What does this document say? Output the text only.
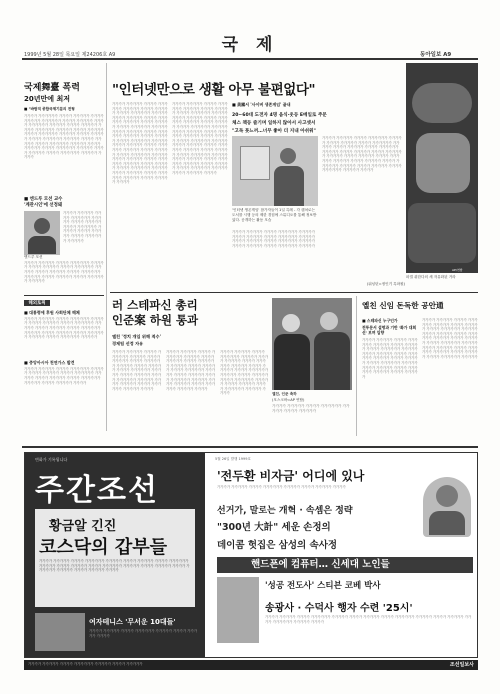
국 제
1999년 5월 28일 목요일 제24206호 A9	동아일보 A9
국제舞臺 폭력
20년만에 최저
■ "바람직 종합국제기분의 전형
가가가가 가가가가가가 가가가가 가가가가가 가가가가 가가가가가 가가가가가가 가가가가 가가가가가 가가가가 가가가가가가 가가가가가 가가가가 가가가가가 가가가가 가가가가가가 가가가가가 가가가가 가가가가가 가가가가 가가가가가가 가가가가가 가가가가 가가가가가 가가가가 가가가가가가 가가가가가 가가가가 가가가가가 가가가가 가가가가가가 가가가가가 가가가가 가가가가가 가가가가 가가가가가가 가가가가가 가가가가 가가가가가 가가가가 가가가가가가 가가가가가 가가가가
■ 엔드루 모션 교수
'계관시인'에 선정돼
가가가가 가가가가가 가가가가 가가가가가가 가가가가가 가가가가 가가가가가 가가가가 가가가가가가 가가가가가 가가가가 가가가가가 가가가가 가가가가가가 가가가가가
엔드루 모션
가가가가 가가가가가 가가가가 가가가가가가 가가가가가 가가가가 가가가가가 가가가가 가가가가가가 가가가가가 가가가가 가가가가가 가가가가 가가가가가가 가가가가가 가가가가 가가가가가 가가가가 가가가가가가 가가가가가
해외토픽
■ 대통령에 후원 사회단체 해체
가가가가 가가가가가 가가가가 가가가가가가 가가가가가 가가가가 가가가가가 가가가가 가가가가가가 가가가가가 가가가가 가가가가가 가가가가 가가가가가가 가가가가가 가가가가 가가가가가 가가가가 가가가가가가 가가가가가 가가가가 가가가가가가 가가가가가
■ 중앙아시아 천연가스 발견
가가가가 가가가가가 가가가가 가가가가가가 가가가가가 가가가가 가가가가가 가가가가 가가가가가가 가가가가가 가가가가 가가가가가 가가가가 가가가가가가 가가가가가 가가가가 가가가가가 가가가가
"인터넷만으로 생활 아무 불편없다"
가가가가 가가가가가 가가가가 가가가가가가 가가가가가 가가가가 가가가가가 가가가가 가가가가가가 가가가가가 가가가가 가가가가가 가가가가 가가가가가가 가가가가가 가가가가 가가가가가 가가가가 가가가가가가 가가가가가 가가가가 가가가가가 가가가가 가가가가가가 가가가가가 가가가가 가가가가가 가가가가 가가가가가가 가가가가가 가가가가 가가가가가 가가가가 가가가가가가 가가가가가 가가가가 가가가가가 가가가가 가가가가가가 가가가가가 가가가가 가가가가가 가가가가 가가가가가가 가가가가가 가가가가 가가가가가 가가가가 가가가가가가 가가가가가 가가가가 가가가가가 가가가가 가가가가가가 가가가가가 가가가가 가가가가가 가가가가
가가가가 가가가가가 가가가가 가가가가가가 가가가가가 가가가가 가가가가가 가가가가 가가가가가가 가가가가가 가가가가 가가가가가 가가가가 가가가가가가 가가가가가 가가가가 가가가가가 가가가가 가가가가가가 가가가가가 가가가가 가가가가가 가가가가 가가가가가가 가가가가가 가가가가 가가가가가 가가가가 가가가가가가 가가가가가 가가가가 가가가가가 가가가가 가가가가가가 가가가가가 가가가가 가가가가가 가가가가 가가가가가가 가가가가가 가가가가 가가가가가 가가가가 가가가가가가 가가가가가 가가가가 가가가가가 가가가가 가가가가가가 가가가가가 가가가가 가가가가가 가가가가
■ 美國서 '사이버 생존게임' 끝내
20~60대 도전자 4명 음식·옷등 E메일로 주문
체스 책등 즐기며 일하지 않아서 사고셋서
"고독 못느꺼…너무 좋아 더 지내 아쉬워"
가가가가 가가가가가 가가가가 가가가가가가 가가가가가 가가가가 가가가가가 가가가가 가가가가가가 가가가가가 가가가가 가가가가가 가가가가 가가가가가가 가가가가가 가가가가 가가가가가 가가가가 가가가가가가 가가가가가 가가가가 가가가가가 가가가가 가가가가가가 가가가가가 가가가가 가가가가가 가가가가 가가가가가가 가가가가가 가가가가 가가가가가 가가가가 가가가가가가 가가가가가 가가가가
'인터넷 생존게임' 참가자들이 1일 특례 - 각 캡처로는 도서를 시행 등의 제한 경험에 스튜디오를 통해 정보받았다. 공개하는 활동 모습
가가가가 가가가가가 가가가가 가가가가가가 가가가가가 가가가가 가가가가가 가가가가 가가가가가가 가가가가가 가가가가 가가가가가 가가가가 가가가가가가 가가가가가 가가가가 가가가가가 가가가가 가가가가가가 가가가가가
(워싱턴=정인기 특파원)
파멸 취한다의 새 자유화된 거라
AP/연합
러 스테파신 총리
인준案 하원 통과
옐친 '정치 개입 위해 적수'
경제팀 선정 자유
가가가가 가가가가가 가가가가 가가가가가가 가가가가가 가가가가 가가가가가 가가가가 가가가가가가 가가가가가 가가가가 가가가가가 가가가가 가가가가가가 가가가가가 가가가가 가가가가가 가가가가 가가가가가가 가가가가가 가가가가 가가가가가 가가가가 가가가가가가 가가가가가 가가가가
가가가가 가가가가가 가가가가 가가가가가가 가가가가가 가가가가 가가가가가 가가가가 가가가가가가 가가가가가 가가가가 가가가가가 가가가가 가가가가가가 가가가가가 가가가가 가가가가가 가가가가 가가가가가가 가가가가가 가가가가 가가가가가 가가가가 가가가가가가 가가가가가 가가가가
가가가가 가가가가가 가가가가 가가가가가가 가가가가가 가가가가 가가가가가 가가가가 가가가가가가 가가가가가 가가가가 가가가가가 가가가가 가가가가가가 가가가가가 가가가가 가가가가가 가가가가 가가가가가가 가가가가가 가가가가 가가가가가 가가가가 가가가가가가 가가가가가 가가가가	옐친, 인준 축하
(모스크바=AP 연합)
가가가가 가가가가가 가가가가 가가가가가가 가가가가가 가가가가 가가가가가
옐친 신임 돈독한 공안通
■ 스테파신 누구인가
전투문서 설명과 기반 '화가 대회선' 보며 입향
가가가가 가가가가가 가가가가 가가가가가가 가가가가가 가가가가 가가가가가 가가가가 가가가가가가 가가가가가 가가가가 가가가가가 가가가가 가가가가가가 가가가가가 가가가가 가가가가가 가가가가 가가가가가가 가가가가가 가가가가 가가가가가 가가가가 가가가가가가 가가가가가 가가가가 가가가가가
가가가가 가가가가가 가가가가 가가가가가가 가가가가가 가가가가 가가가가가 가가가가 가가가가가가 가가가가가 가가가가 가가가가가 가가가가 가가가가가가 가가가가가 가가가가 가가가가가 가가가가 가가가가가가 가가가가가 가가가가 가가가가가 가가가가 가가가가가가 가가가가가 가가가가 가가가가가 가가가가 가가가가가가 가가가가가
변화가 기록됩니다
주간조선
황금알 긴진
코스닥의 갑부들
가가가가 가가가가가 가가가가 가가가가가가 가가가가가 가가가가 가가가가가 가가가가 가가가가가가 가가가가가 가가가가 가가가가가 가가가가 가가가가가가 가가가가가 가가가가 가가가가가 가가가가 가가가가가가 가가가가가 가가가가 가가가가가 가가가가
여자테니스 '무서운 10대들'
가가가가 가가가가가 가가가가 가가가가가가 가가가가가 가가가가 가가가가가 가가가가
5월 26일 발행 1999호
'전두환 비자금' 어디에 있나
가가가가 가가가가가 가가가가 가가가가가가 가가가가가 가가가가 가가가가가 가가가가
선거가, 말로는 개혁 · 속셈은 정략
"300년 大計" 세운 손정의
데이콤 헛집은 삼성의 속사정
핸드폰에 컴퓨터… 신세대 노인들
'성공 전도사' 스티븐 코베 박사
송광사 · 수덕사 행자 수련 '25시'
가가가가 가가가가가 가가가가 가가가가가가 가가가가가 가가가가 가가가가가 가가가가 가가가가가가 가가가가가 가가가가 가가가가가 가가가가 가가가가가가 가가가가가 가가가가
가가가가 가가가가가 가가가가 가가가가가가 가가가가가 가가가가 가가가가가	조선일보사
